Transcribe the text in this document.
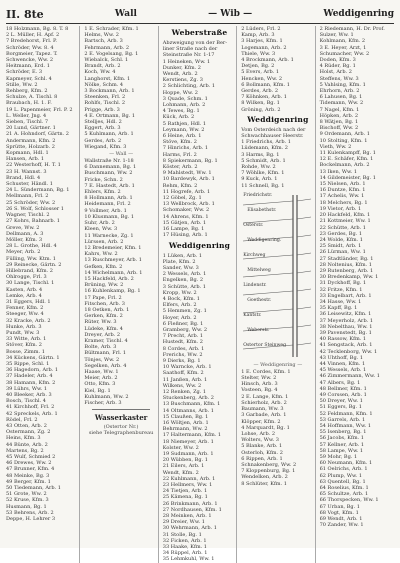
II. 8te	Wall	— Wib —	Weddigenring
18 Holzmann, Bg. 8. T. 8
2 L. Müller, H. Apf. 2
7 Bredehorst, Frl. P.
Schröder, Ww. 8. 4
Borgmeier, Tapez. T.
Schwencke, Ww. 2
Heitmann, Erd. 1
Schröder, E. 3
Kapmeyer, Schl. 4
Stille, Ww. 2
Rehberg, Kfm. 2
Schulze, A. Tischl. 8
Braubach, H. 1. F.
19 L. Papenmeier, Frl. P. 2
L. Weller, Jng. 4
Sieben, Tischl. 7
20 Lund, Gärtner. 1
21 A. Hohndorf, Gärtn. 2
Andermann, Kfm. 2
Sprütte, Holzarb. 2
Kopmann, Hdl. 1
Hansen, Arb. 1
22 Westerhoff, H. T. 1
23 H. Wannst. 3
Brand, Hdl. 4
Schuster, Händl. 1
24 L. Sündermann, Bg. 1
Mellmann, Frl. 2
25 Schröder, Ww. 2
26 S. Wolf, Schlosser 1
Wagner, Tischl. 2
27 Kohrs, Bahnarb. 1
Greve, Ww. 2
Dellmann, A. 3
Möller, Kfm. 3
28 L. Grothe, Hdl. 4
Meyer, Arb. 2
Fülling, Ww. Ktm. 1
29 Reinecke, Gärtn. 2
Hillebrand, Kfm. 2
Ohlrogge, Frl. 3
30 Lange, Tischl. 1
Kasten, Arb. 4
Lemke, Arb. 4
31 Eggers, Hdl. 1
Fenner, Kfm. 2
Steeger, Ww. 4
32 Kracke, Arb. 2
Hunke, Arb. 3
Pundt, Ww. 3
33 Witte, Arb. 1
Stöver, Kfm. 2
Bosse, Zimm. 1
34 Kückens, Gärtn. 1
35 Rippe, Schl. 1
36 Hagedorn, Arb. 1
37 Hadeler, Arb. 4
38 Hamann, Kfm. 2
39 Lührs, Ww. 1
40 Bleeker, Arb. 3
Bosch, Tischl. 4
41 Kirchhoff, Frl. 2
42 Spreckels, Arb. 1
Rödel, Frl. 2
43 Otten, Arb. 2
Ostermann, Zg. 2
Heins, Kfm. 3
44 Bünte, Arb. 2
Martens, Bg. 2
45 Wulf, Schmied 2
46 Drewes, Ww. 2
47 Brunner, Kfm. 4
48 Meinke, Bg. 3
49 Berger, Kfm. 1
50 Tiedemann, Arb. 1
51 Grote, Ww. 2
52 Kruse, Kfm. 3
Husmann, Bg. 1
53 Behrens, Arb. 2
Deppe, H. Lehrer 3
1 E. Schrader, Kfm. 1
Helms, Ww. 2
Bartsch, Arb. 3
Fehrmann, Arb. 2
2 E. Vogelsang, Bg. 1
Wiebalck, Schl. 1
Brandt, Arb. 2
Koch, Ww. 4
Langhorst, Kfm. 1
Nölke, Schm. 4
3 Bockmann, Arb. 1
Steenken, Frl. 2
Rohlfs, Tischl. 2
Prigge, Arb. 3
4 E. Ortmann, Bg. 1
Stelljes, Hdl. 2
Eggert, Arb. 3
5 Kuhlmann, Arb. 1
Gerdes, Arb. 2
Wiegand, Kfm. 3
— Wall —
Wallstraße Nr. 1-18
6 Dannemann, Bg. 1
Buschmann, Ww. 2
Fricke, Schn. 2
7 E. Hastedt, Arb. 1
Ehlers, Kfm. 2
8 Hollmann, Arb. 1
Heidemann, Frl. 2
9 Vollmer, Arb. 1
10 Klusmann, Bg. 1
Suhr, Arb. 2
Kleen, Ww. 3
11 Warnecke, Zg. 1
Lürssen, Arb. 2
12 Bredemeier, Kfm. 1
Kahrs, Ww. 2
13 Ruschmeyer, Arb. 1
Gefken, Kfm. 2
14 Wichelmann, Arb. 1
15 Hackfeld, Arb. 2
Brüning, Ww. 2
16 Kuhlenkamp, Bg. 1
17 Pape, Frl. 2
Fitschen, Arb. 3
18 Oetken, Arb. 1
Gerken, Kfm. 2
Rüter, Ww. 3
Lüdeke, Kfm. 4
Dreyer, Arb. 2
Kramer, Tischl. 4
Bolte, Arb. 3
Bültmann, Frl. 1
Tönjes, Ww. 2
Segelken, Arb. 4
Haase, Ww. 1
Meier, Arb. 2
Otto, Kfm. 3
Kiel, Bg. 1
Kuhlmann, Ww. 2
Fischer, Arb. 3
Wasserkaster
(Ostertor Nr.)
siehe Telegraphenbureau
Weberstraße
Abzweigung von der Ber-
liner Straße nach der
Steinstraße Nr. 1-17
1 Heineken, Ww. 1
Dunker, Kfm. 2
Wendt, Arb. 2
Kerstiens, Zg. 3
2 Schlichting, Arb. 1
Hoppe, Ww. 2
3 Quade, Schm. 1
Lohmann, Arb. 2
4 Tewes, Bg. 1
Kück, Arb. 2
5 Rathjen, Hdl. 1
Leymann, Ww. 2
6 Heine, Arb. 1
Stöve, Kfm. 2
7 Hinrichs, Arb. 1
Harms, Frl. 2
8 Spiekermann, Bg. 1
Köster, Arb. 2
9 Mahlstedt, Ww. 1
10 Bardewyk, Arb. 1
Rehm, Kfm. 2
11 Hogrefe, Arb. 1
12 Göbel, Zg. 1
13 Wellbrock, Arb. 1
Schomaker, Ww. 2
14 Ahrens, Kfm. 1
15 Gätjen, Arb. 1
16 Lampe, Bg. 1
17 Hüsing, Arb. 1
Weddigenring
1 Lüken, Arb. 1
Plate, Kfm. 2
Sander, Ww. 3
2 Wessels, Arb. 1
Engelken, Bg. 2
3 Schütte, Arb. 1
Kropp, Ww. 2
4 Bock, Kfm. 1
Elfers, Arb. 2
5 Hemmen, Zg. 1
Hoyer, Arb. 2
6 Fleßner, Bg. 1
Gramberg, Ww. 2
7 Precht, Arb. 1
Hustedt, Kfm. 2
8 Cordes, Arb. 1
Frerichs, Ww. 2
9 Dierks, Bg. 1
10 Warncke, Arb. 1
Saathoff, Kfm. 2
11 Janßen, Arb. 1
Wilkens, Ww. 2
12 Renken, Zg. 1
Stuckenberg, Arb. 2
13 Buschmann, Kfm. 1
14 Oltmanns, Arb. 1
15 Claußen, Bg. 1
16 Wöltjen, Arb. 1
Behrmann, Ww. 2
17 Haltermann, Kfm. 1
18 Niemeyer, Arb. 1
Kolster, Ww. 2
19 Sudmann, Arb. 1
20 Wübben, Bg. 1
21 Eilers, Arb. 1
Wendt, Kfm. 2
22 Kuhlmann, Arb. 1
23 Hellmers, Ww. 1
24 Tietjen, Arb. 1
25 Kämena, Bg. 1
26 Brinkmann, Arb. 1
27 Nordhausen, Kfm. 1
28 Meinken, Arb. 1
29 Dreier, Ww. 1
30 Wehrmann, Arb. 1
31 Stolle, Bg. 1
32 Ficken, Arb. 1
33 Haake, Kfm. 1
34 Rüppel, Arb. 1
35 Lehmkuhl, Ww. 1
2 Lüders, Frl. 2
Kamp, Arb. 3
3 Harjes, Kfm. 1
Logemann, Arb. 2
Thiele, Ww. 3
4 Brockmann, Arb. 1
Detjen, Bg. 2
5 Evers, Arb. 1
Hencken, Ww. 2
6 Bollmann, Kfm. 1
Gerdes, Arb. 2
7 Köhnken, Arb. 1
8 Wilken, Bg. 1
Gröning, Arb. 2
Weddigenring
Vom Osterdeich nach der
Schwachhauser Heerstr.
1 Friedrichs, Arb. 1
Lüdemann, Kfm. 2
3 Harms, Bg. 1
5 Schmidt, Arb. 1
Rohde, Ww. 2
7 Wöhlke, Kfm. 1
9 Kuck, Arb. 1
11 Schnell, Bg. 1
Friedrichstr.
Elisabethstr.
Osterstr.
Weddigenring.
Kirchweg
Mittelweg
Lindenstr.
Goethestr.
Kantstr.
Weberstr.
Ostertor Steinweg
— Weddigenring —
1 E. Cordes, Kfm. 1
Stelter, Ww. 2
Hinsch, Arb. 3
Vosteen, Bg. 4
2 E. Lange, Kfm. 1
Schierholz, Arb. 2
Baumann, Ww. 3
3 Garbade, Arb. 1
Klöpper, Kfm. 2
4 Marquardt, Bg. 1
Lohse, Arb. 2
Wolters, Ww. 3
5 Blanke, Arb. 1
Osterloh, Kfm. 2
6 Rippen, Arb. 1
Schnakenberg, Ww. 2
7 Kloppenburg, Bg. 1
Wendelken, Arb. 2
8 Schlüter, Kfm. 1
2 Riedemann, H. Dr. Prof.
Sulzer, Ww. 1
Kohlmann, Kfm. 2
3 E. Heyer, Arzt, 1
Schumacher, Ww. 2
Doden, Kfm. 3
4 Rüder, Bg. 1
Holst, Arb. 2
Steffens, Ww. 3
5 Vahlsing, Kfm. 1
Ehrhorn, Arb. 2
6 Lahusen, Bg. 1
Tidemann, Ww. 2
7 Nagel, Kfm. 1
Höpken, Arb. 2
8 Wätjen, Bg. 1
Bischoff, Ww. 2
9 Ordemann, Arb. 1
10 Stolting, Kfm. 1
Vieth, Ww. 2
11 Kulenkampff, Bg. 1
12 E. Schäfer, Kfm. 1
Bockelmann, Arb. 2
13 Iken, Ww. 1
14 Gildemeister, Bg. 1
15 Nielsen, Arb. 1
16 Duntze, Kfm. 1
17 Achelis, Ww. 1
18 Melchers, Bg. 1
19 Vietor, Arb. 1
20 Hackfeld, Kfm. 1
21 Kottmeier, Ww. 1
22 Schütte, Arb. 1
23 Gerdes, Bg. 1
24 Wolde, Kfm. 1
25 Smidt, Arb. 1
26 Lürman, Ww. 1
27 Stadtländer, Bg. 1
28 Noltenius, Kfm. 1
29 Rutenberg, Arb. 1
30 Bredenkamp, Ww. 1
31 Dyckhoff, Bg. 1
32 Fritze, Kfm. 1
33 Engelbart, Arb. 1
34 Hasse, Ww. 1
35 Kapff, Bg. 1
36 Leisewitz, Kfm. 1
37 Meyerholz, Arb. 1
38 Nebelthau, Ww. 1
39 Pavenstedt, Bg. 1
40 Rassow, Kfm. 1
41 Sengstack, Arb. 1
42 Tecklenborg, Ww. 1
43 Uhthoff, Bg. 1
44 Vinnen, Kfm. 1
45 Wessels, Arb. 1
46 Zimmermann, Ww. 1
47 Albers, Bg. 1
48 Bellmer, Kfm. 1
49 Corssen, Arb. 1
50 Dreyer, Ww. 1
51 Eggers, Bg. 1
52 Feldmann, Kfm. 1
53 Garrels, Arb. 1
54 Hoffmann, Ww. 1
55 Isenberg, Bg. 1
56 Jacobs, Kfm. 1
57 Kellner, Arb. 1
58 Lampe, Ww. 1
59 Mohr, Bg. 1
60 Neumann, Kfm. 1
61 Oelrichs, Arb. 1
62 Plump, Ww. 1
63 Quentell, Bg. 1
64 Roselius, Kfm. 1
65 Schultze, Arb. 1
66 Thorspecken, Ww. 1
67 Urban, Bg. 1
68 Vogt, Kfm. 1
69 Wendt, Arb. 1
70 Zander, Ww. 1
